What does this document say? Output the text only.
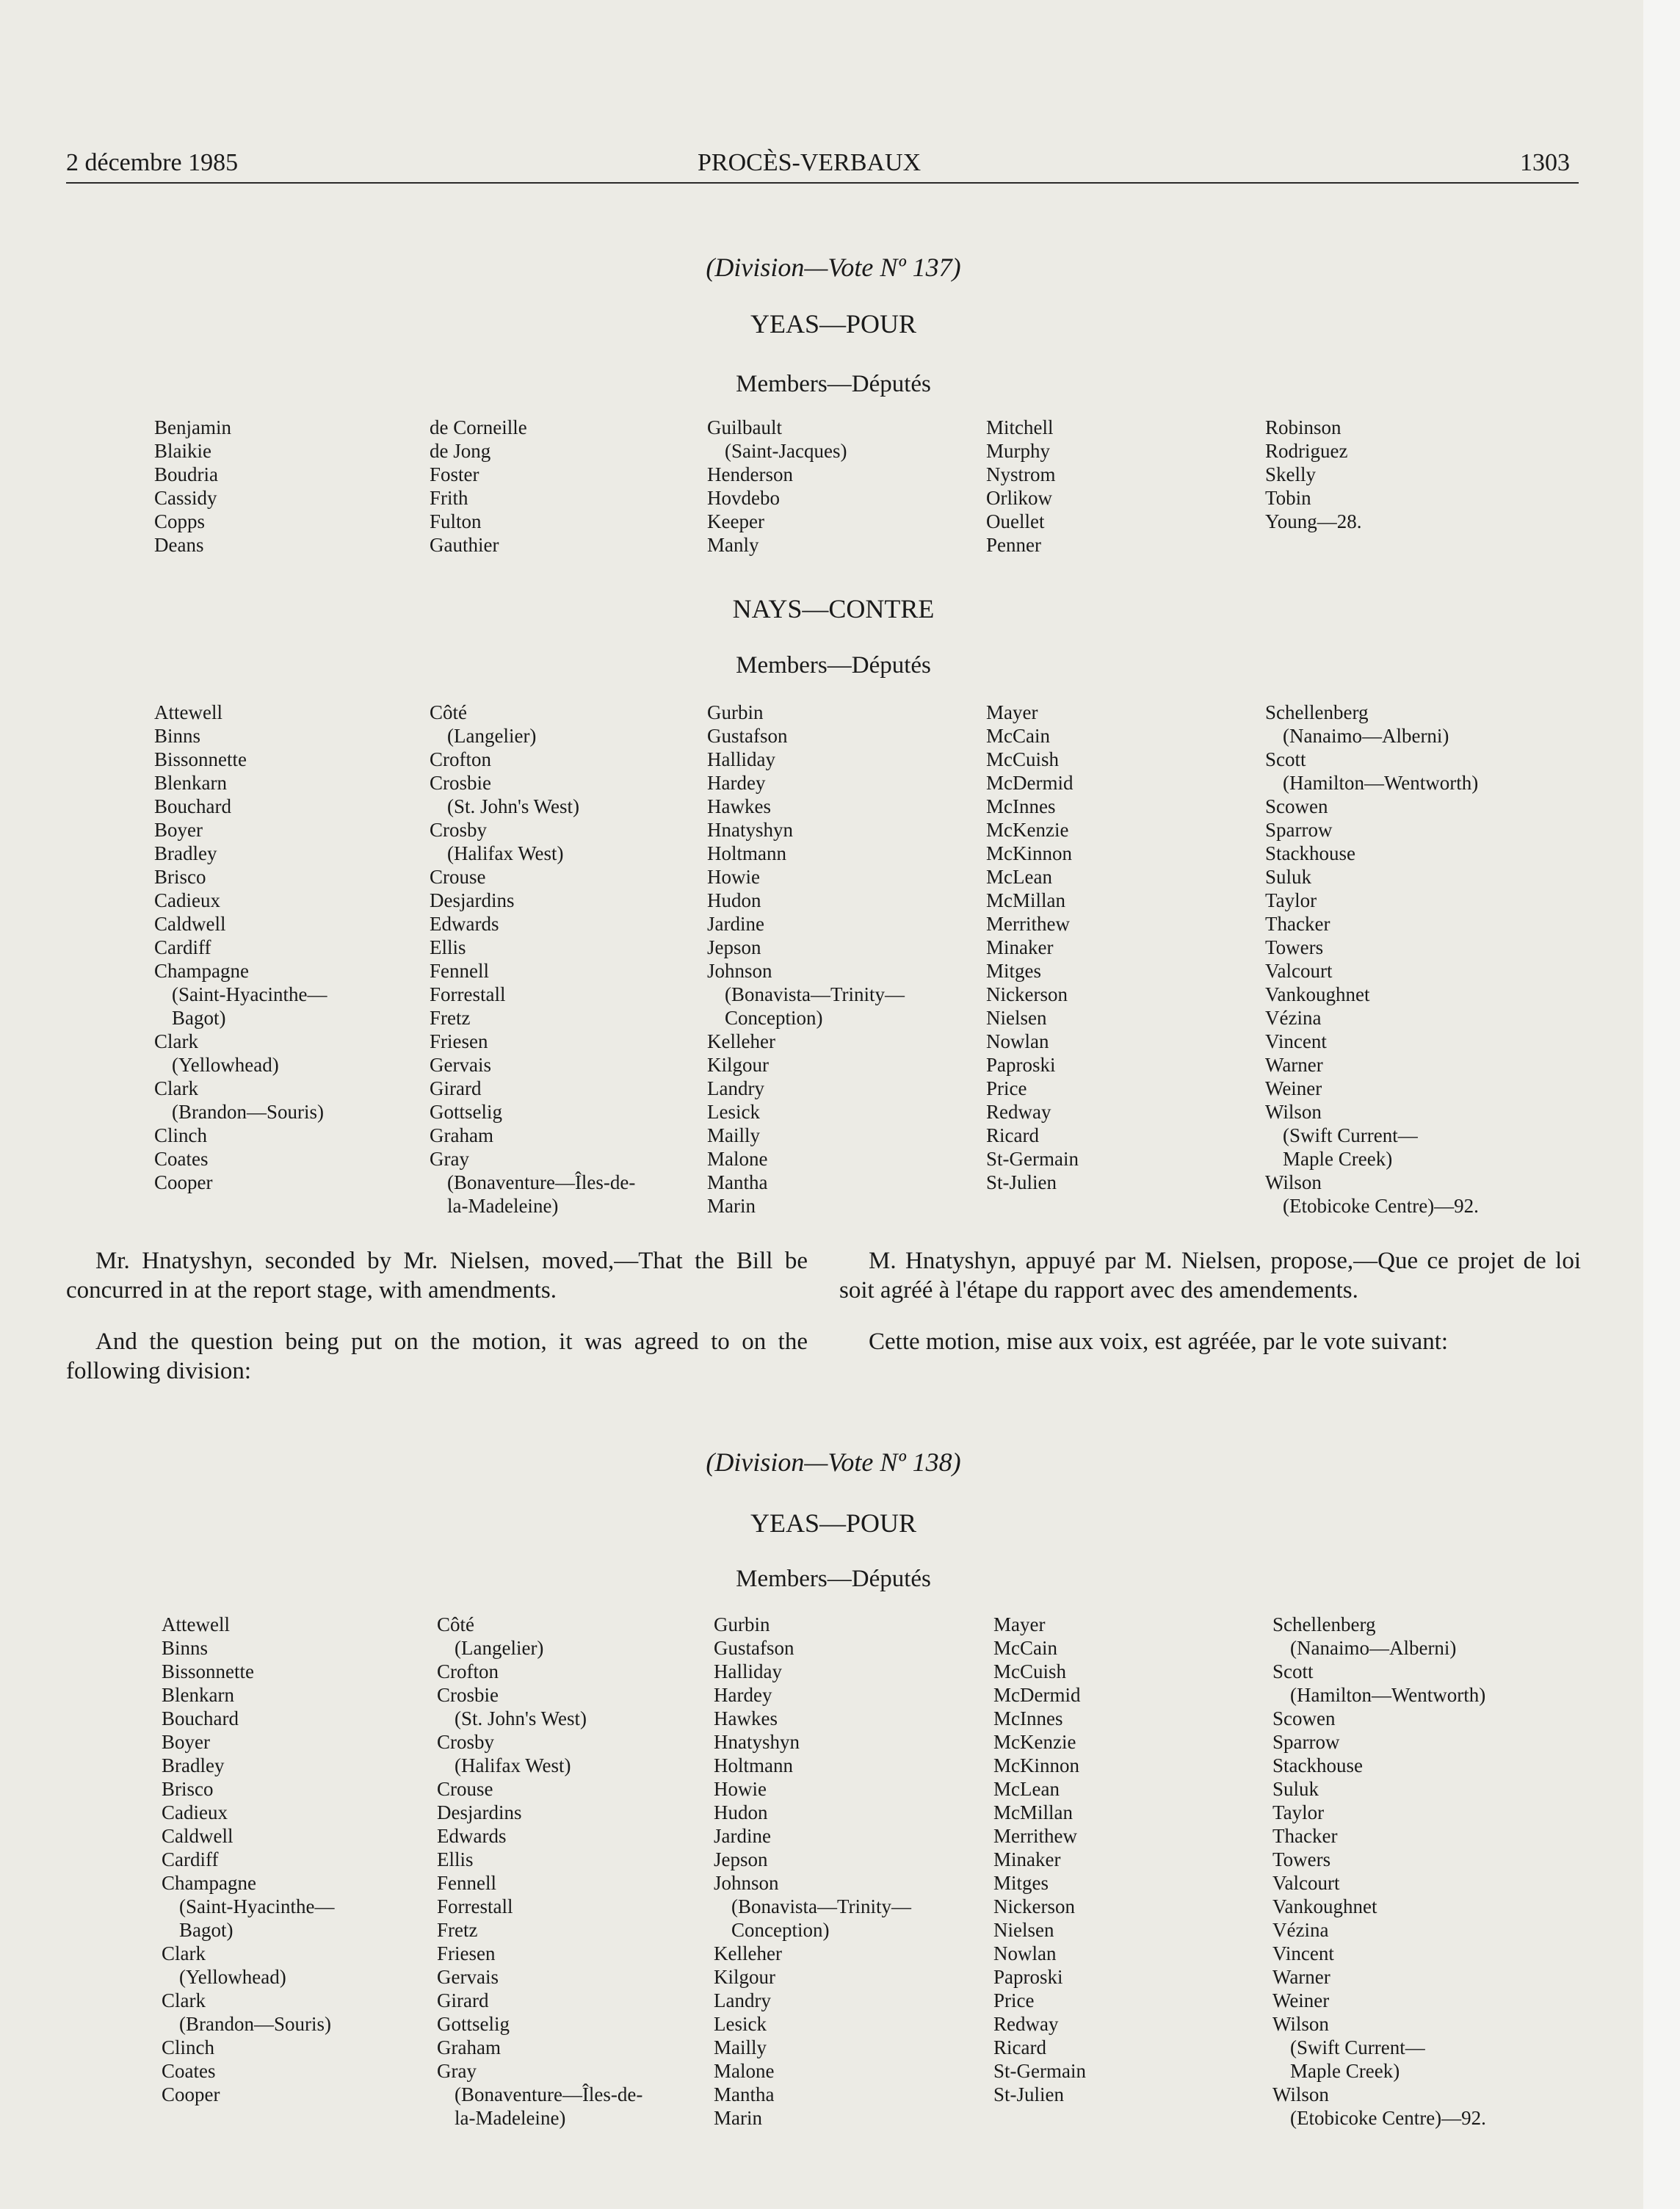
2 décembre 1985	PROCÈS-VERBAUX	1303
(Division—Vote Nº 137)
YEAS—POUR
Members—Députés
Benjamin
Blaikie
Boudria
Cassidy
Copps
Deans
de Corneille
de Jong
Foster
Frith
Fulton
Gauthier
Guilbault
(Saint-Jacques)
Henderson
Hovdebo
Keeper
Manly
Mitchell
Murphy
Nystrom
Orlikow
Ouellet
Penner
Robinson
Rodriguez
Skelly
Tobin
Young—28.
NAYS—CONTRE
Members—Députés
Attewell
Binns
Bissonnette
Blenkarn
Bouchard
Boyer
Bradley
Brisco
Cadieux
Caldwell
Cardiff
Champagne
(Saint-Hyacinthe—
Bagot)
Clark
(Yellowhead)
Clark
(Brandon—Souris)
Clinch
Coates
Cooper
Côté
(Langelier)
Crofton
Crosbie
(St. John's West)
Crosby
(Halifax West)
Crouse
Desjardins
Edwards
Ellis
Fennell
Forrestall
Fretz
Friesen
Gervais
Girard
Gottselig
Graham
Gray
(Bonaventure—Îles-de-
la-Madeleine)
Gurbin
Gustafson
Halliday
Hardey
Hawkes
Hnatyshyn
Holtmann
Howie
Hudon
Jardine
Jepson
Johnson
(Bonavista—Trinity—
Conception)
Kelleher
Kilgour
Landry
Lesick
Mailly
Malone
Mantha
Marin
Mayer
McCain
McCuish
McDermid
McInnes
McKenzie
McKinnon
McLean
McMillan
Merrithew
Minaker
Mitges
Nickerson
Nielsen
Nowlan
Paproski
Price
Redway
Ricard
St-Germain
St-Julien
Schellenberg
(Nanaimo—Alberni)
Scott
(Hamilton—Wentworth)
Scowen
Sparrow
Stackhouse
Suluk
Taylor
Thacker
Towers
Valcourt
Vankoughnet
Vézina
Vincent
Warner
Weiner
Wilson
(Swift Current—
Maple Creek)
Wilson
(Etobicoke Centre)—92.

Mr. Hnatyshyn, seconded by Mr. Nielsen, moved,—That the Bill be concurred in at the report stage, with amendments.

And the question being put on the motion, it was agreed to on the following division:

M. Hnatyshyn, appuyé par M. Nielsen, propose,—Que ce projet de loi soit agréé à l'étape du rapport avec des amendements.

Cette motion, mise aux voix, est agréée, par le vote suivant:

(Division—Vote Nº 138)
YEAS—POUR
Members—Députés
Attewell
Binns
Bissonnette
Blenkarn
Bouchard
Boyer
Bradley
Brisco
Cadieux
Caldwell
Cardiff
Champagne
(Saint-Hyacinthe—
Bagot)
Clark
(Yellowhead)
Clark
(Brandon—Souris)
Clinch
Coates
Cooper
Côté
(Langelier)
Crofton
Crosbie
(St. John's West)
Crosby
(Halifax West)
Crouse
Desjardins
Edwards
Ellis
Fennell
Forrestall
Fretz
Friesen
Gervais
Girard
Gottselig
Graham
Gray
(Bonaventure—Îles-de-
la-Madeleine)
Gurbin
Gustafson
Halliday
Hardey
Hawkes
Hnatyshyn
Holtmann
Howie
Hudon
Jardine
Jepson
Johnson
(Bonavista—Trinity—
Conception)
Kelleher
Kilgour
Landry
Lesick
Mailly
Malone
Mantha
Marin
Mayer
McCain
McCuish
McDermid
McInnes
McKenzie
McKinnon
McLean
McMillan
Merrithew
Minaker
Mitges
Nickerson
Nielsen
Nowlan
Paproski
Price
Redway
Ricard
St-Germain
St-Julien
Schellenberg
(Nanaimo—Alberni)
Scott
(Hamilton—Wentworth)
Scowen
Sparrow
Stackhouse
Suluk
Taylor
Thacker
Towers
Valcourt
Vankoughnet
Vézina
Vincent
Warner
Weiner
Wilson
(Swift Current—
Maple Creek)
Wilson
(Etobicoke Centre)—92.
